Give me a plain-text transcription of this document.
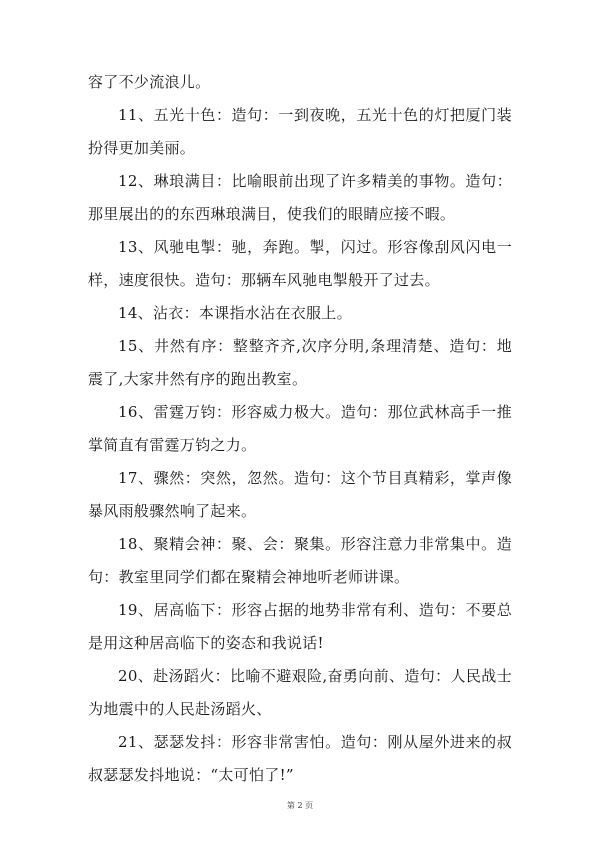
容了不少流浪儿。

11、五光十色：造句：一到夜晚，五光十色的灯把厦门装扮得更加美丽。

12、琳琅满目：比喻眼前出现了许多精美的事物。造句：那里展出的的东西琳琅满目，使我们的眼睛应接不暇。

13、风驰电掣：驰，奔跑。掣，闪过。形容像刮风闪电一样，速度很快。造句：那辆车风驰电掣般开了过去。

14、沾衣：本课指水沾在衣服上。

15、井然有序：整整齐齐,次序分明,条理清楚、造句：地震了,大家井然有序的跑出教室。

16、雷霆万钧：形容威力极大。造句：那位武林高手一推掌简直有雷霆万钧之力。

17、骤然：突然，忽然。造句：这个节目真精彩，掌声像暴风雨般骤然响了起来。

18、聚精会神：聚、会：聚集。形容注意力非常集中。造句：教室里同学们都在聚精会神地听老师讲课。

19、居高临下：形容占据的地势非常有利、造句：不要总是用这种居高临下的姿态和我说话!

20、赴汤蹈火：比喻不避艰险,奋勇向前、造句：人民战士为地震中的人民赴汤蹈火、

21、瑟瑟发抖：形容非常害怕。造句：刚从屋外进来的叔叔瑟瑟发抖地说：“太可怕了!”

第 2 页
